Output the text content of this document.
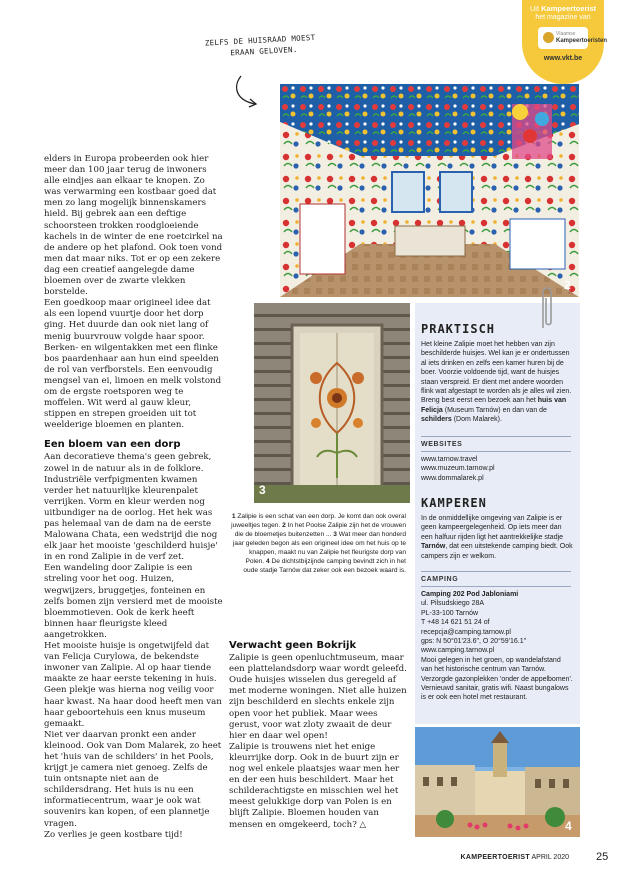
Uit Kampeertoerist
het magazine van
Vlaamse
Kampeertoeristen
www.vkt.be
ZELFS DE HUISRAAD MOEST
ERAAN GELOVEN.
2
3
1 Zalipie is een schat van een dorp. Je komt dan ook overal juweeltjes tegen. 2 In het Poolse Zalipie zijn het de vrouwen die de bloemetjes buitenzetten ... 3 Wat meer dan honderd jaar geleden begon als een origineel idee om het huis op te knappen, maakt nu van Zalipie het fleurigste dorp van Polen. 4 De dichtstbijzijnde camping bevindt zich in het oude stadje Tarnów dat zeker ook een bezoek waard is.

elders in Europa probeerden ook hier meer dan 100 jaar terug de inwoners alle eindjes aan elkaar te knopen. Zo was verwarming een kostbaar goed dat men zo lang mogelijk binnenskamers hield. Bij gebrek aan een deftige schoorsteen trokken roodgloeiende kachels in de winter de ene roetcirkel na de andere op het plafond. Ook toen vond men dat maar niks. Tot er op een zekere dag een creatief aangelegde dame bloemen over de zwarte vlekken borstelde.

Een goedkoop maar origineel idee dat als een lopend vuurtje door het dorp ging. Het duurde dan ook niet lang of menig buurvrouw volgde haar spoor. Berken- en wilgentakken met een flinke bos paardenhaar aan hun eind speelden de rol van verfborstels. Een eenvoudig mengsel van ei, limoen en melk volstond om de ergste roetsporen weg te moffelen. Wit werd al gauw kleur, stippen en strepen groeiden uit tot weelderige bloemen en planten.

Een bloem van een dorp

Aan decoratieve thema's geen gebrek, zowel in de natuur als in de folklore. Industriële verfpigmenten kwamen verder het natuurlijke kleurenpalet verrijken. Vorm en kleur werden nog uitbundiger na de oorlog. Het hek was pas helemaal van de dam na de eerste Malowana Chata, een wedstrijd die nog elk jaar het mooiste 'geschilderd huisje' in en rond Zalipie in de verf zet.

Een wandeling door Zalipie is een streling voor het oog. Huizen, wegwijzers, bruggetjes, fonteinen en zelfs bomen zijn versierd met de mooiste bloemmotieven. Ook de kerk heeft binnen haar fleurigste kleed aangetrokken.

Het mooiste huisje is ongetwijfeld dat van Felicja Curylowa, de bekendste inwoner van Zalipie. Al op haar tiende maakte ze haar eerste tekening in huis. Geen plekje was hierna nog veilig voor haar kwast. Na haar dood heeft men van haar geboortehuis een knus museum gemaakt.

Niet ver daarvan pronkt een ander kleinood. Ook van Dom Malarek, zo heet het 'huis van de schilders' in het Pools, krijgt je camera niet genoeg. Zelfs de tuin ontsnapte niet aan de schildersdrang. Het huis is nu een informatiecentrum, waar je ook wat souvenirs kan kopen, of een plannetje vragen.

Zo verlies je geen kostbare tijd!

Verwacht geen Bokrijk

Zalipie is geen openluchtmuseum, maar een plattelandsdorp waar wordt geleefd. Oude huisjes wisselen dus geregeld af met moderne woningen. Niet alle huizen zijn beschilderd en slechts enkele zijn open voor het publiek. Maar wees gerust, voor wat zloty zwaait de deur hier en daar wel open!

Zalipie is trouwens niet het enige kleurrijke dorp. Ook in de buurt zijn er nog wel enkele plaatsjes waar men her en der een huis beschildert. Maar het schilderachtigste en misschien wel het meest gelukkige dorp van Polen is en blijft Zalipie. Bloemen houden van mensen en omgekeerd, toch? △

PRAKTISCH
Het kleine Zalipie moet het hebben van zijn beschilderde huisjes. Wel kan je er ondertussen al iets drinken en zelfs een kamer huren bij de boer. Voorzie voldoende tijd, want de huisjes staan verspreid. Er dient met andere woorden flink wat afgestapt te worden als je alles wil zien. Breng best eerst een bezoek aan het huis van Felicja (Museum Tarnów) en dan van de schilders (Dom Malarek).
WEBSITES
www.tarnow.travel
www.muzeum.tarnow.pl
www.dommalarek.pl
KAMPEREN
In de onmiddellijke omgeving van Zalipie is er geen kampeergelegenheid. Op iets meer dan een halfuur rijden ligt het aantrekkelijke stadje Tarnów, dat een uitstekende camping biedt. Ook campers zijn er welkom.
CAMPING
Camping 202 Pod Jabloniami
ul. Pilsudskiego 28A
PL-33-100 Tarnów
T +48 14 621 51 24 of recepcja@camping.tarnow.pl
gps: N 50°01'23.6", O 20°59'16.1"
www.camping.tarnow.pl
Mooi gelegen in het groen, op wandelafstand van het historische centrum van Tarnów. Verzorgde gazonplekken 'onder de appelbomen'. Vernieuwd sanitair, gratis wifi. Naast bungalows is er ook een hotel met restaurant.
4
KAMPEERTOERIST APRIL 2020 25
